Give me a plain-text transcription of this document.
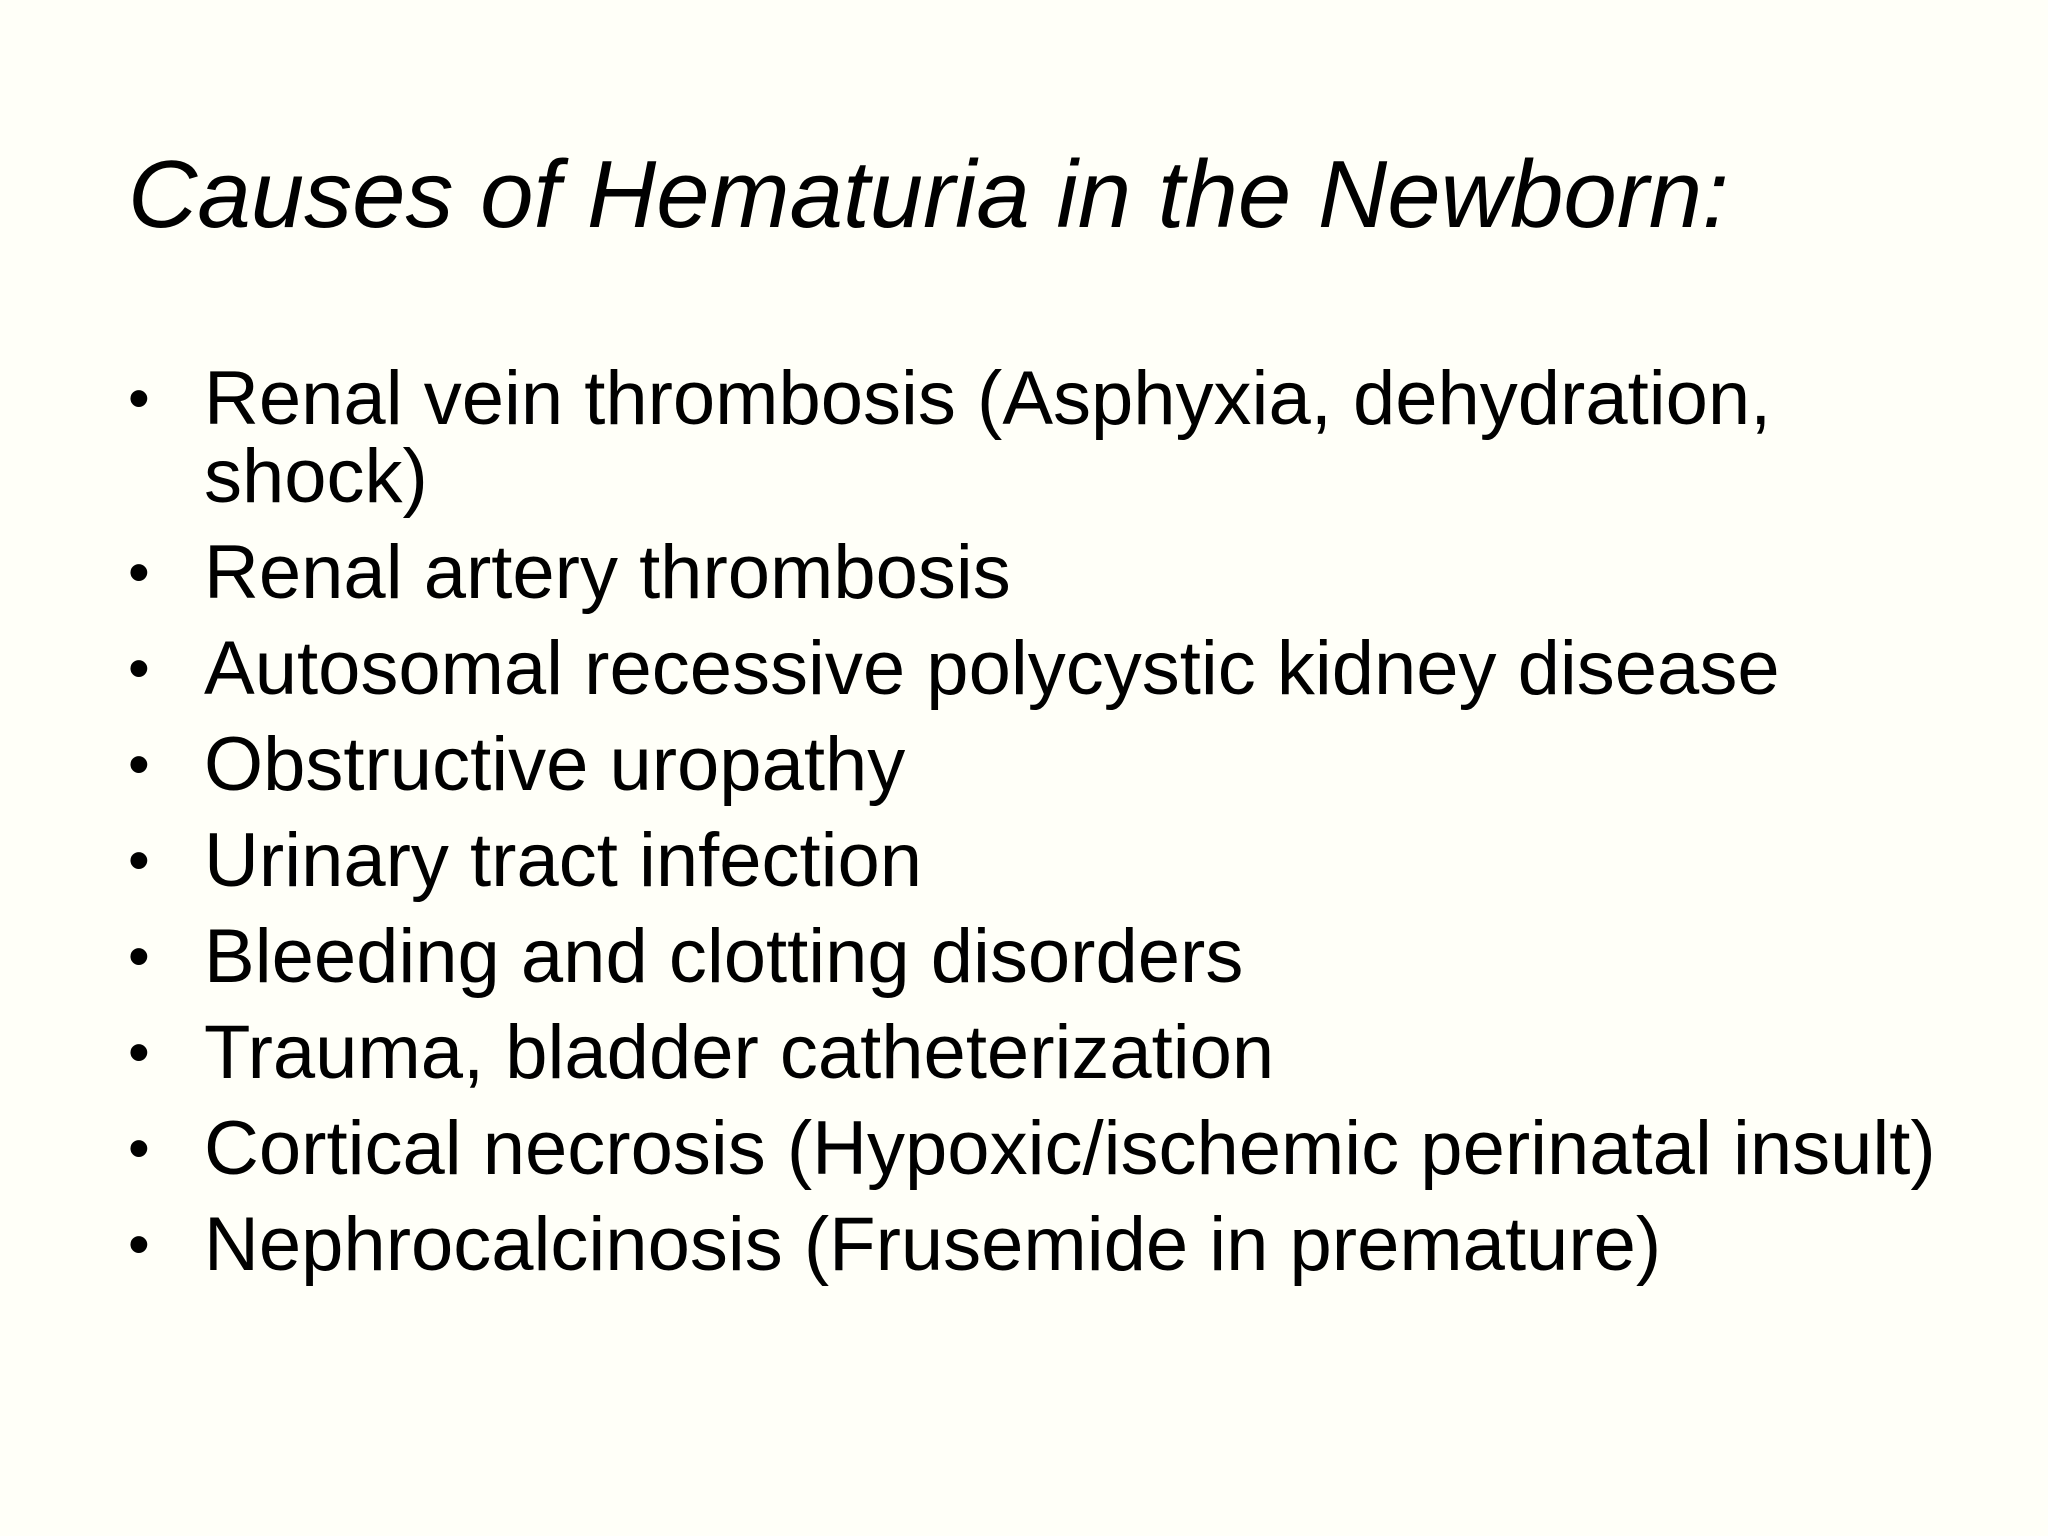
Causes of Hematuria in the Newborn:
• Renal vein thrombosis (Asphyxia, dehydration, shock)
• Renal artery thrombosis
• Autosomal recessive polycystic kidney disease
• Obstructive uropathy
• Urinary tract infection
• Bleeding and clotting disorders
• Trauma, bladder catheterization
• Cortical necrosis (Hypoxic/ischemic perinatal insult)
• Nephrocalcinosis (Frusemide in premature)
